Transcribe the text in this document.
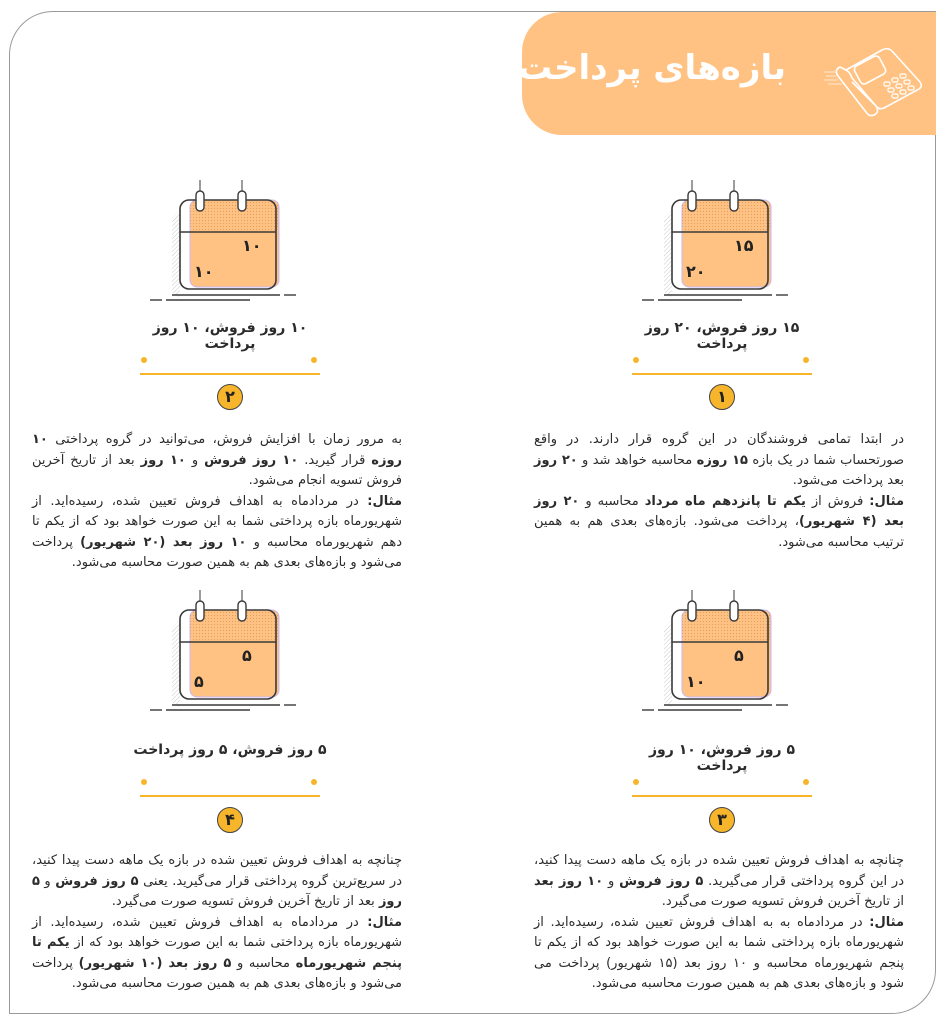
بازه‌های پرداخت:
۱۵
۲۰
۱۵ روز فروش، ۲۰ روز پرداخت
۱
در ابتدا تمامی فروشندگان در این گروه قرار دارند. در واقع صورتحساب شما در یک بازه ۱۵ روزه محاسبه خواهد شد و ۲۰ روز بعد پرداخت می‌شود.
مثال: فروش از یکم تا پانزدهم ماه مرداد محاسبه و ۲۰ روز بعد (۴ شهریور)، پرداخت می‌شود. بازه‌های بعدی هم به همین ترتیب محاسبه می‌شود.
۱۰
۱۰
۱۰ روز فروش، ۱۰ روز پرداخت
۲
به مرور زمان با افزایش فروش، می‌توانید در گروه پرداختی ۱۰ روزه قرار گیرید. ۱۰ روز فروش و ۱۰ روز بعد از تاریخ آخرین فروش تسویه انجام می‌شود.
مثال: در مردادماه به اهداف فروش تعیین شده، رسیده‌اید. از شهریورماه بازه پرداختی شما به این صورت خواهد بود که از یکم تا دهم شهریورماه محاسبه و ۱۰ روز بعد (۲۰ شهریور) پرداخت می‌شود و بازه‌های بعدی هم به همین صورت محاسبه می‌شود.
۵
۱۰
۵ روز فروش، ۱۰ روز پرداخت
۳
چنانچه به اهداف فروش تعیین شده در بازه یک ماهه دست پیدا کنید، در این گروه پرداختی قرار می‌گیرید. ۵ روز فروش و ۱۰ روز بعد از تاریخ آخرین فروش تسویه صورت می‌گیرد.
مثال: در مردادماه به به اهداف فروش تعیین شده، رسیده‌اید. از شهریورماه بازه پرداختی شما به این صورت خواهد بود که از یکم تا پنجم شهریورماه محاسبه و ۱۰ روز بعد (۱۵ شهریور) پرداخت می شود و بازه‌های بعدی هم به همین صورت محاسبه می‌شود.
۵
۵
۵ روز فروش، ۵ روز پرداخت
۴
چنانچه به اهداف فروش تعیین شده در بازه یک ماهه دست پیدا کنید، در سریع‌ترین گروه پرداختی قرار می‌گیرید. یعنی ۵ روز فروش و ۵ روز بعد از تاریخ آخرین فروش تسویه صورت می‌گیرد.
مثال: در مردادماه به اهداف فروش تعیین شده، رسیده‌اید. از شهریورماه بازه پرداختی شما به این صورت خواهد بود که از یکم تا پنجم شهریورماه محاسبه و ۵ روز بعد (۱۰ شهریور) پرداخت می‌شود و بازه‌های بعدی هم به همین صورت محاسبه می‌شود.
